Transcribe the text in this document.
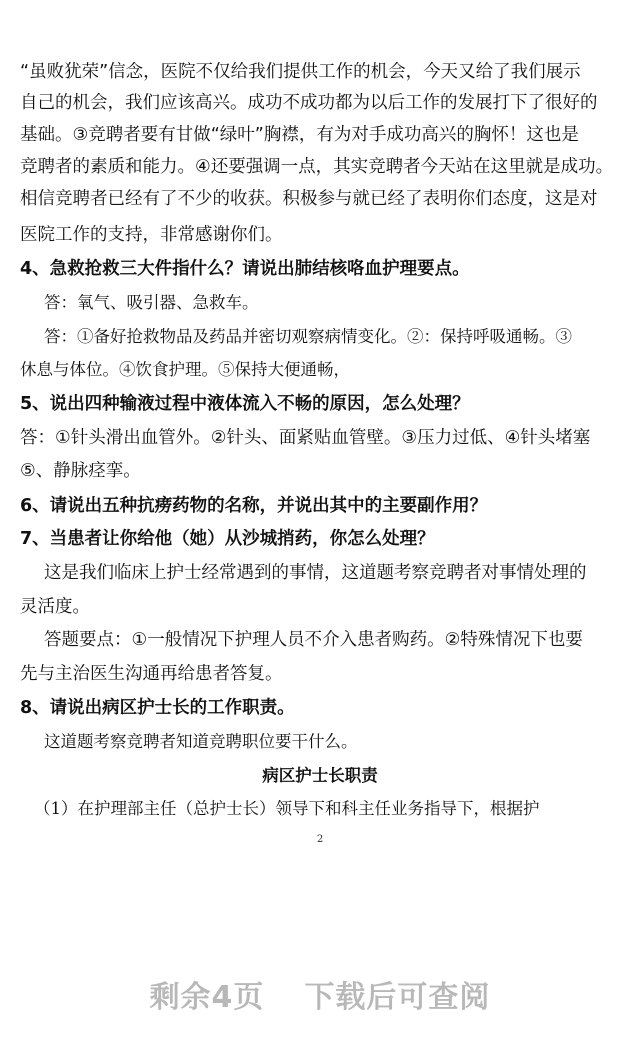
“虽败犹荣”信念，医院不仅给我们提供工作的机会，今天又给了我们展示
自己的机会，我们应该高兴。成功不成功都为以后工作的发展打下了很好的
基础。③竞聘者要有甘做“绿叶”胸襟，有为对手成功高兴的胸怀！这也是
竞聘者的素质和能力。④还要强调一点，其实竞聘者今天站在这里就是成功。
相信竞聘者已经有了不少的收获。积极参与就已经了表明你们态度，这是对
医院工作的支持，非常感谢你们。
4、急救抢救三大件指什么？请说出肺结核咯血护理要点。
答：氧气、吸引器、急救车。
答：①备好抢救物品及药品并密切观察病情变化。②：保持呼吸通畅。③
休息与体位。④饮食护理。⑤保持大便通畅，
5、说出四种输液过程中液体流入不畅的原因，怎么处理？
答：①针头滑出血管外。②针头、面紧贴血管壁。③压力过低、④针头堵塞
⑤、静脉痉挛。
6、请说出五种抗痨药物的名称，并说出其中的主要副作用？
7、当患者让你给他（她）从沙城捎药，你怎么处理？
这是我们临床上护士经常遇到的事情，这道题考察竞聘者对事情处理的
灵活度。
答题要点：①一般情况下护理人员不介入患者购药。②特殊情况下也要
先与主治医生沟通再给患者答复。
8、请说出病区护士长的工作职责。
这道题考察竞聘者知道竞聘职位要干什么。
病区护士长职责
（1）在护理部主任（总护士长）领导下和科主任业务指导下，根据护
2
剩余4页 下载后可查阅
